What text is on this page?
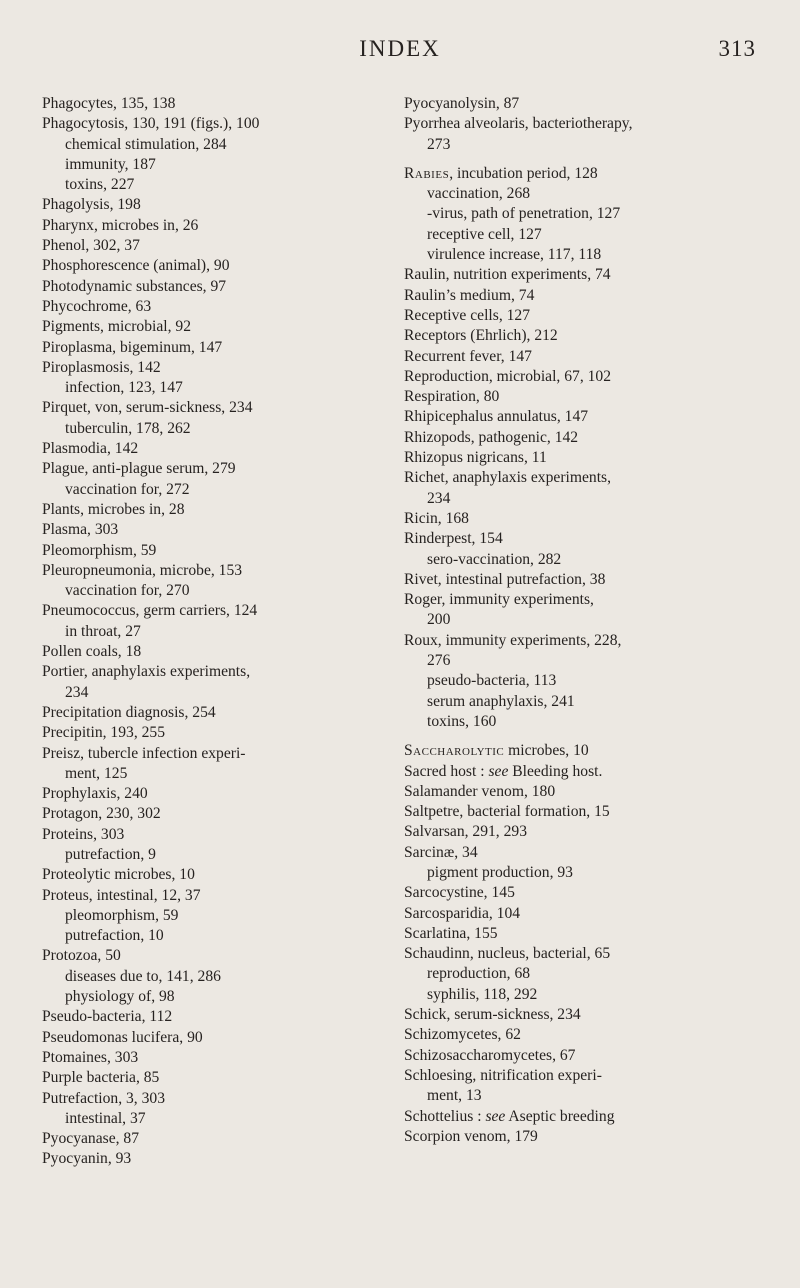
INDEX	313
Phagocytes, 135, 138
Phagocytosis, 130, 191 (figs.), 100
chemical stimulation, 284
immunity, 187
toxins, 227
Phagolysis, 198
Pharynx, microbes in, 26
Phenol, 302, 37
Phosphorescence (animal), 90
Photodynamic substances, 97
Phycochrome, 63
Pigments, microbial, 92
Piroplasma, bigeminum, 147
Piroplasmosis, 142
infection, 123, 147
Pirquet, von, serum-sickness, 234
tuberculin, 178, 262
Plasmodia, 142
Plague, anti-plague serum, 279
vaccination for, 272
Plants, microbes in, 28
Plasma, 303
Pleomorphism, 59
Pleuropneumonia, microbe, 153
vaccination for, 270
Pneumococcus, germ carriers, 124
in throat, 27
Pollen coals, 18
Portier, anaphylaxis experiments,
234
Precipitation diagnosis, 254
Precipitin, 193, 255
Preisz, tubercle infection experi-
ment, 125
Prophylaxis, 240
Protagon, 230, 302
Proteins, 303
putrefaction, 9
Proteolytic microbes, 10
Proteus, intestinal, 12, 37
pleomorphism, 59
putrefaction, 10
Protozoa, 50
diseases due to, 141, 286
physiology of, 98
Pseudo-bacteria, 112
Pseudomonas lucifera, 90
Ptomaines, 303
Purple bacteria, 85
Putrefaction, 3, 303
intestinal, 37
Pyocyanase, 87
Pyocyanin, 93
Pyocyanolysin, 87
Pyorrhea alveolaris, bacteriotherapy,
273
Rabies, incubation period, 128
vaccination, 268
-virus, path of penetration, 127
receptive cell, 127
virulence increase, 117, 118
Raulin, nutrition experiments, 74
Raulin’s medium, 74
Receptive cells, 127
Receptors (Ehrlich), 212
Recurrent fever, 147
Reproduction, microbial, 67, 102
Respiration, 80
Rhipicephalus annulatus, 147
Rhizopods, pathogenic, 142
Rhizopus nigricans, 11
Richet, anaphylaxis experiments,
234
Ricin, 168
Rinderpest, 154
sero-vaccination, 282
Rivet, intestinal putrefaction, 38
Roger, immunity experiments,
200
Roux, immunity experiments, 228,
276
pseudo-bacteria, 113
serum anaphylaxis, 241
toxins, 160
Saccharolytic microbes, 10
Sacred host : see Bleeding host.
Salamander venom, 180
Saltpetre, bacterial formation, 15
Salvarsan, 291, 293
Sarcinæ, 34
pigment production, 93
Sarcocystine, 145
Sarcosparidia, 104
Scarlatina, 155
Schaudinn, nucleus, bacterial, 65
reproduction, 68
syphilis, 118, 292
Schick, serum-sickness, 234
Schizomycetes, 62
Schizosaccharomycetes, 67
Schloesing, nitrification experi-
ment, 13
Schottelius : see Aseptic breeding
Scorpion venom, 179
